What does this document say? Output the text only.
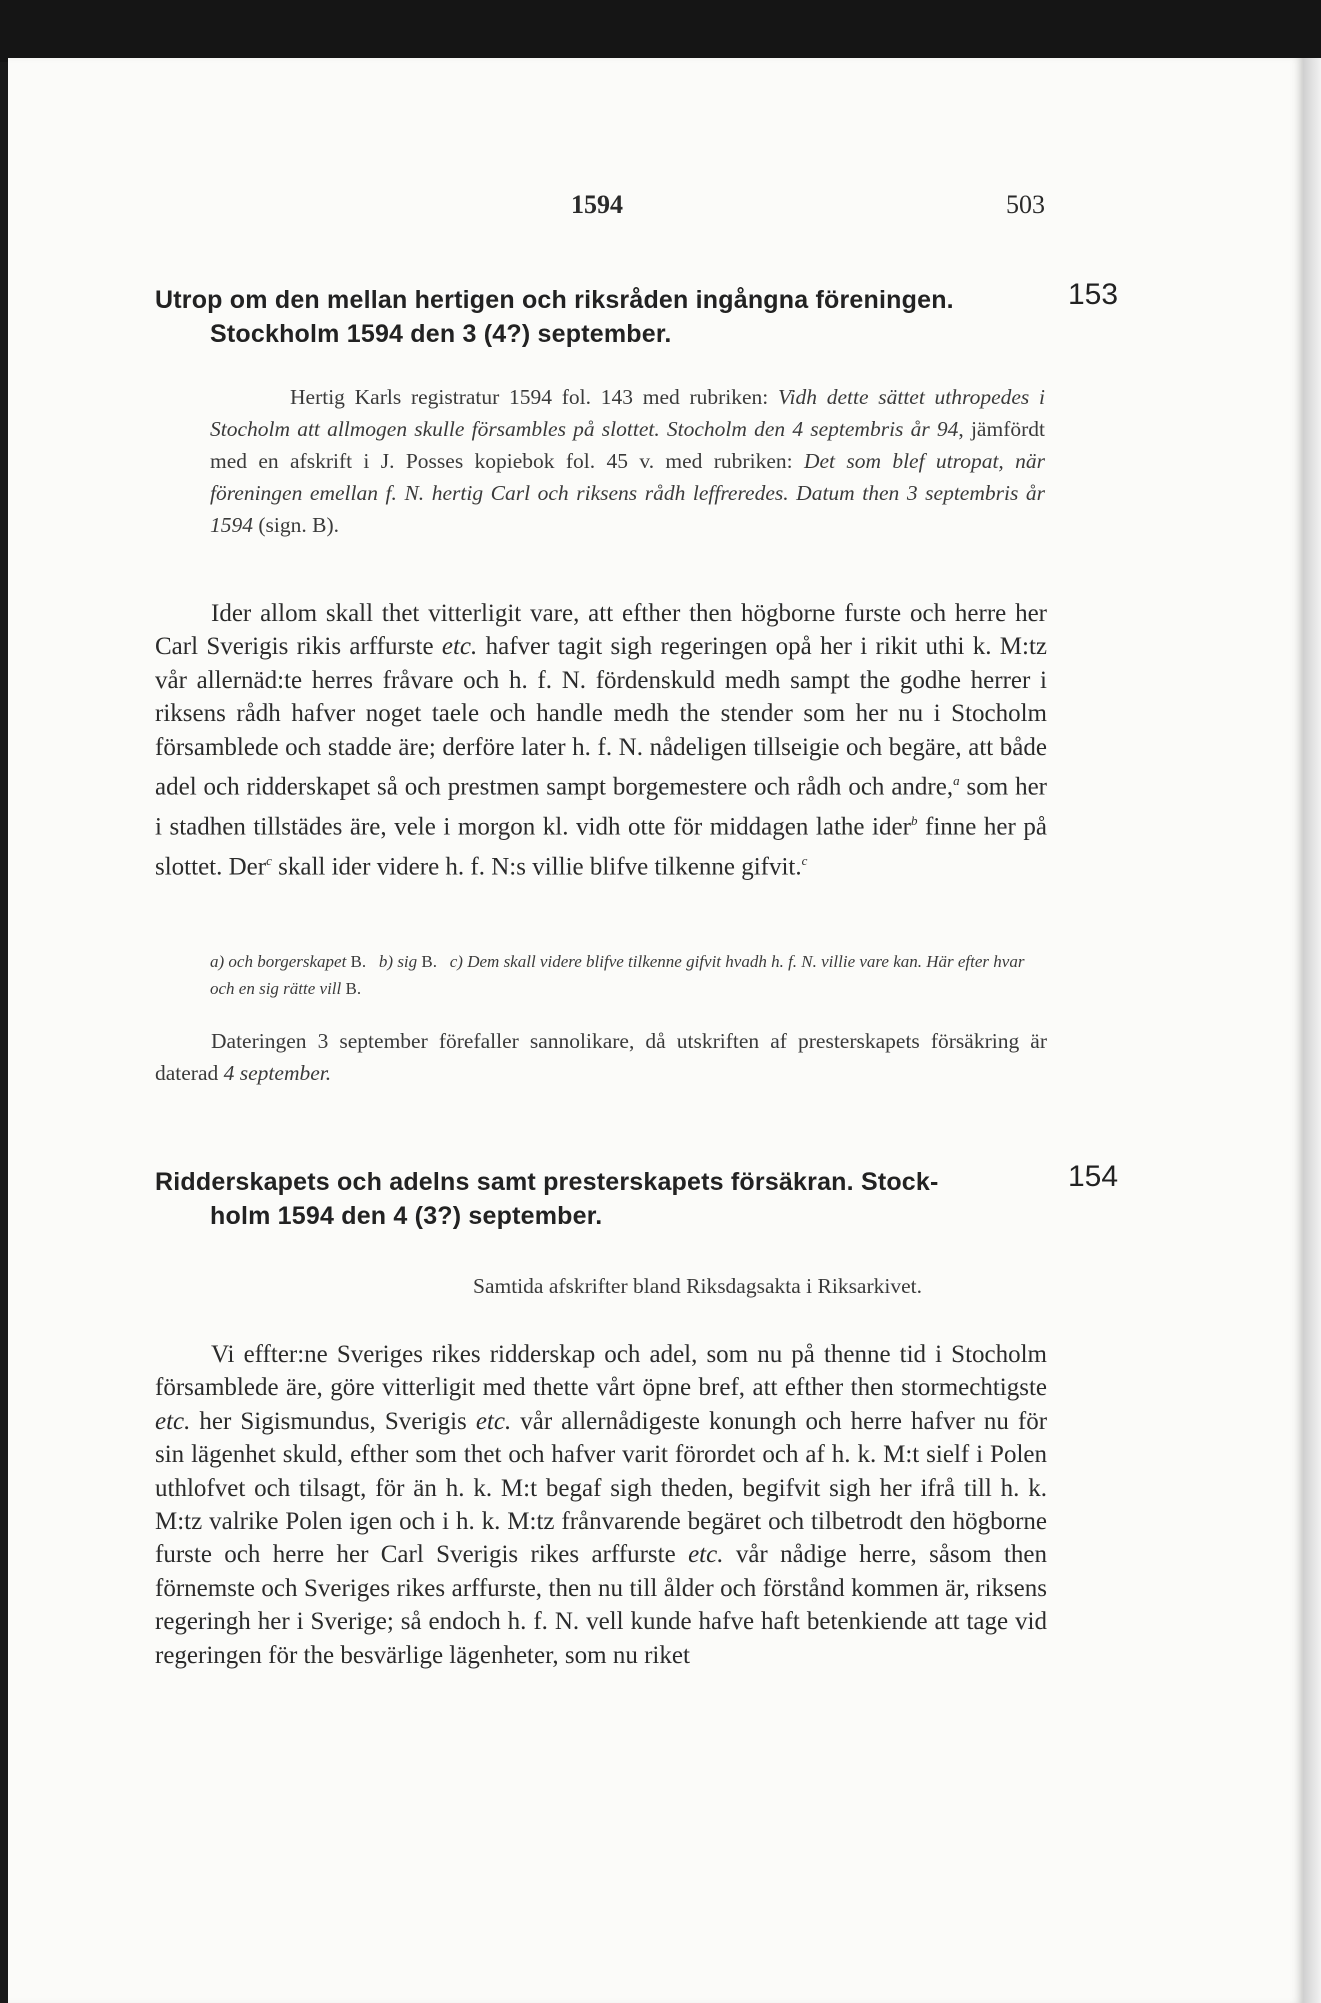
1594	503
Utrop om den mellan hertigen och riksråden ingångna föreningen.
Stockholm 1594 den 3 (4?) september.
153
Hertig Karls registratur 1594 fol. 143 med rubriken: Vidh dette sättet uthropedes i Stocholm att allmogen skulle försambles på slottet. Stocholm den 4 septembris år 94, jämfördt med en afskrift i J. Posses kopiebok fol. 45 v. med rubriken: Det som blef utropat, när föreningen emellan f. N. hertig Carl och riksens rådh leffreredes. Datum then 3 septembris år 1594 (sign. B).
Ider allom skall thet vitterligit vare, att efther then högborne furste och herre her Carl Sverigis rikis arffurste etc. hafver tagit sigh regeringen opå her i rikit uthi k. M:tz vår allernäd:te herres fråvare och h. f. N. fördenskuld medh sampt the godhe herrer i riksens rådh hafver noget taele och handle medh the stender som her nu i Stocholm församblede och stadde äre; derföre later h. f. N. nådeligen tillseigie och begäre, att både adel och ridderskapet så och prestmen sampt borgemestere och rådh och andre,$^a$ som her i stadhen tillstädes äre, vele i morgon kl. vidh otte för middagen lathe ider$^b$ finne her på slottet. Der$^c$ skall ider videre h. f. N:s villie blifve tilkenne gifvit.$^c$
a) och borgerskapet B. b) sig B. c) Dem skall videre blifve tilkenne gifvit hvadh h. f. N. villie vare kan. Här efter hvar och en sig rätte vill B.
Dateringen 3 september förefaller sannolikare, då utskriften af presterskapets försäkring är daterad 4 september.
Ridderskapets och adelns samt presterskapets försäkran. Stock-
holm 1594 den 4 (3?) september.
154
Samtida afskrifter bland Riksdagsakta i Riksarkivet.
Vi effter:ne Sveriges rikes ridderskap och adel, som nu på thenne tid i Stocholm församblede äre, göre vitterligit med thette vårt öpne bref, att efther then stormechtigste etc. her Sigismundus, Sverigis etc. vår allernådigeste konungh och herre hafver nu för sin lägenhet skuld, efther som thet och hafver varit förordet och af h. k. M:t sielf i Polen uthlofvet och tilsagt, för än h. k. M:t begaf sigh theden, begifvit sigh her ifrå till h. k. M:tz valrike Polen igen och i h. k. M:tz frånvarende begäret och tilbetrodt den högborne furste och herre her Carl Sverigis rikes arffurste etc. vår nådige herre, såsom then förnemste och Sveriges rikes arffurste, then nu till ålder och förstånd kommen är, riksens regeringh her i Sverige; så endoch h. f. N. vell kunde hafve haft betenkiende att tage vid regeringen för the besvärlige lägenheter, som nu riket
